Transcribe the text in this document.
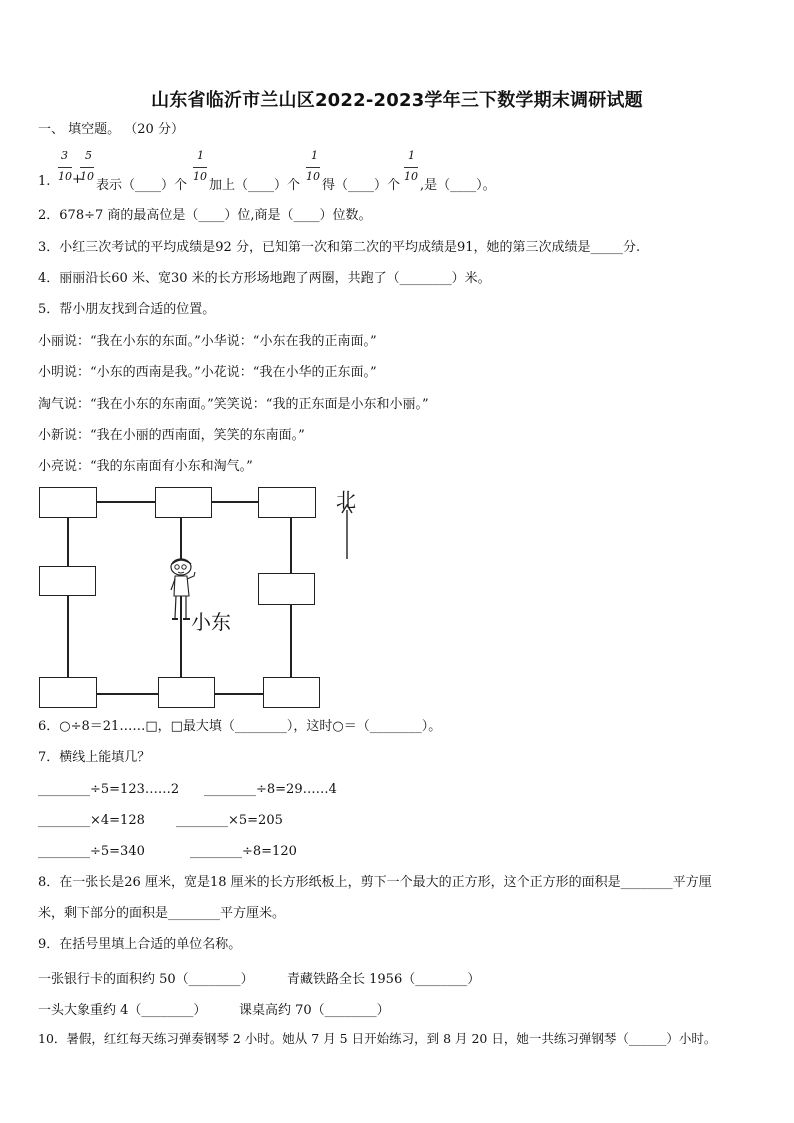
山东省临沂市兰山区2022-2023学年三下数学期末调研试题
一、 填空题。 （20 分）
3
10
5
10
1
10
1
10
1
10
1. + 表示（____）个 加上（____）个 得（____）个 ,是（____）。
2．678÷7 商的最高位是（____）位,商是（____）位数。
3．小红三次考试的平均成绩是92 分，已知第一次和第二次的平均成绩是91，她的第三次成绩是_____分.
4．丽丽沿长60 米、宽30 米的长方形场地跑了两圈，共跑了（________）米。
5．帮小朋友找到合适的位置。
小丽说：“我在小东的东面。”小华说：“小东在我的正南面。”
小明说：“小东的西南是我。”小花说：“我在小华的正东面。”
淘气说：“我在小东的东南面。”笑笑说：“我的正东面是小东和小丽。”
小新说：“我在小丽的西南面，笑笑的东南面。”
小亮说：“我的东南面有小东和淘气。”
小东
北
6．○÷8＝21……□，□最大填（________），这时○＝（________）。
7．横线上能填几？
________÷5=123……2 ________÷8=29……4
________×4=128 ________×5=205
________÷5=340	________÷8=120
8．在一张长是26 厘米，宽是18 厘米的长方形纸板上，剪下一个最大的正方形，这个正方形的面积是________平方厘
米，剩下部分的面积是________平方厘米。
9．在括号里填上合适的单位名称。
一张银行卡的面积约 50（________）	青藏铁路全长 1956（________）
一头大象重约 4（________）	课桌高约 70（________）
10．暑假，红红每天练习弹奏钢琴 2 小时。她从 7 月 5 日开始练习，到 8 月 20 日，她一共练习弹钢琴（______）小时。
